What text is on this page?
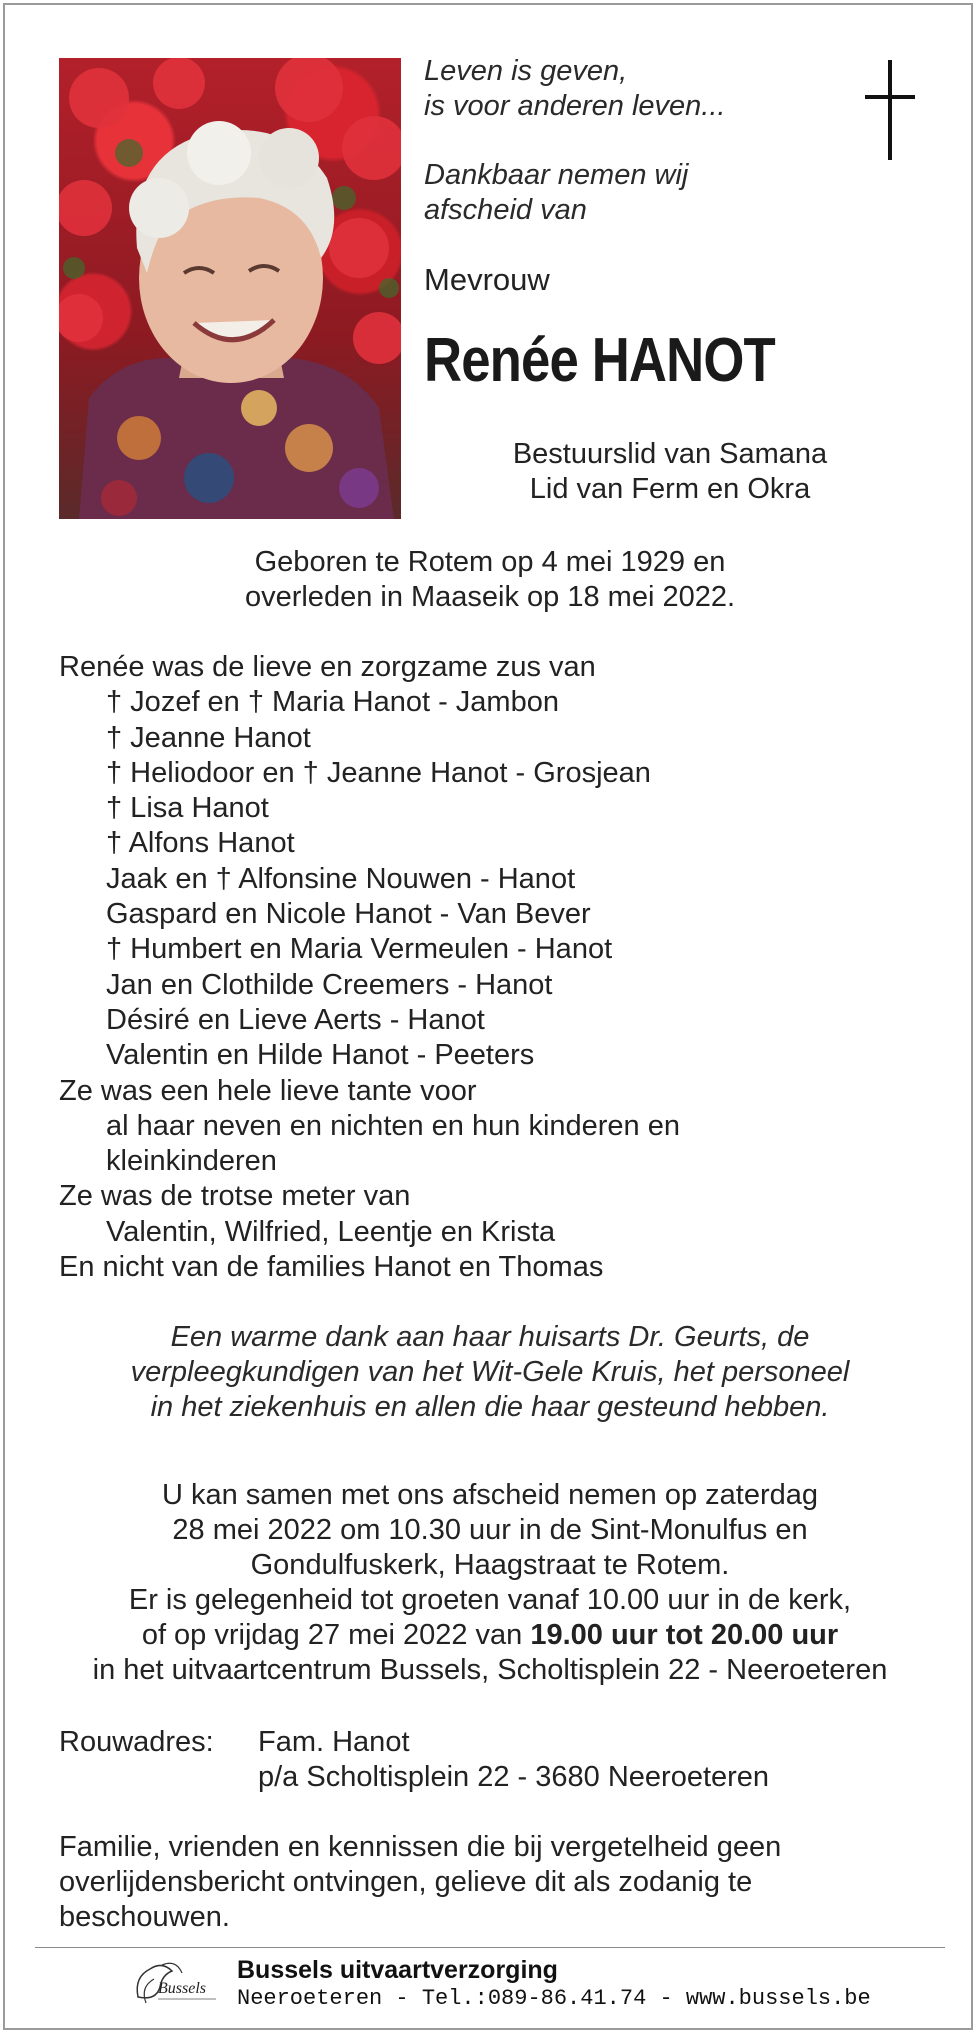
Leven is geven,
is voor anderen leven...
Dankbaar nemen wij
afscheid van
Mevrouw
Renée HANOT
Bestuurslid van Samana
Lid van Ferm en Okra
Geboren te Rotem op 4 mei 1929 en
overleden in Maaseik op 18 mei 2022.
Renée was de lieve en zorgzame zus van
† Jozef en † Maria Hanot - Jambon
† Jeanne Hanot
† Heliodoor en † Jeanne Hanot - Grosjean
† Lisa Hanot
† Alfons Hanot
Jaak en † Alfonsine Nouwen - Hanot
Gaspard en Nicole Hanot - Van Bever
† Humbert en Maria Vermeulen - Hanot
Jan en Clothilde Creemers - Hanot
Désiré en Lieve Aerts - Hanot
Valentin en Hilde Hanot - Peeters
Ze was een hele lieve tante voor
al haar neven en nichten en hun kinderen en
kleinkinderen
Ze was de trotse meter van
Valentin, Wilfried, Leentje en Krista
En nicht van de families Hanot en Thomas
Een warme dank aan haar huisarts Dr. Geurts, de
verpleegkundigen van het Wit-Gele Kruis, het personeel
in het ziekenhuis en allen die haar gesteund hebben.
U kan samen met ons afscheid nemen op zaterdag
28 mei 2022 om 10.30 uur in de Sint-Monulfus en
Gondulfuskerk, Haagstraat te Rotem.
Er is gelegenheid tot groeten vanaf 10.00 uur in de kerk,
of op vrijdag 27 mei 2022 van 19.00 uur tot 20.00 uur
in het uitvaartcentrum Bussels, Scholtisplein 22 - Neeroeteren
Rouwadres: Fam. Hanot
p/a Scholtisplein 22 - 3680 Neeroeteren
Familie, vrienden en kennissen die bij vergetelheid geen
overlijdensbericht ontvingen, gelieve dit als zodanig te
beschouwen.
Bussels
Bussels uitvaartverzorging
Neeroeteren - Tel.:089-86.41.74 - www.bussels.be
